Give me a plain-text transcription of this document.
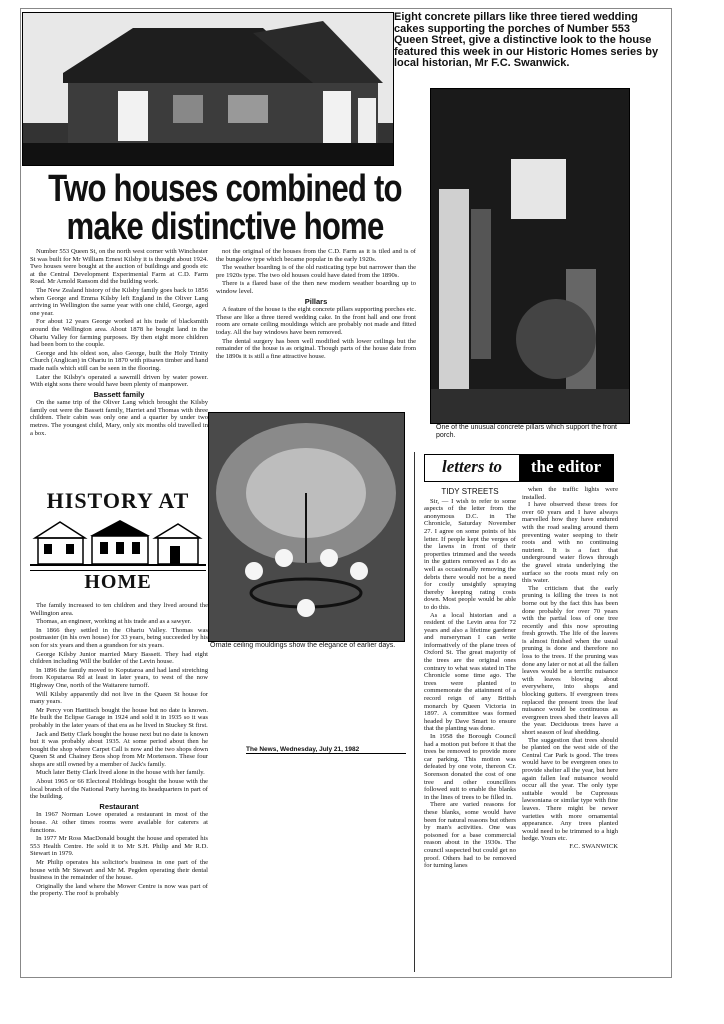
Eight concrete pillars like three tiered wedding cakes supporting the porches of Number 553 Queen Street, give a distinctive look to the house featured this week in our Historic Homes series by local historian, Mr F.C. Swanwick.
One of the unusual concrete pillars which support the front porch.
Two houses combined to
make distinctive home

Number 553 Queen St, on the north west corner with Winchester St was built for Mr William Ernest Kilsby it is thought about 1924. Two houses were bought at the auction of buildings and goods etc at the Central Development Experimental Farm at C.D. Farm Road. Mr Arnold Ransom did the building work.

The New Zealand history of the Kilsby family goes back to 1856 when George and Emma Kilsby left England in the Oliver Lang arriving in Wellington the same year with one child, George, aged one year.

For about 12 years George worked at his trade of blacksmith around the Wellington area. About 1878 he bought land in the Ohariu Valley for farming purposes. By then eight more children had been born to the couple.

George and his oldest son, also George, built the Holy Trinity Church (Anglican) in Ohariu in 1870 with pitsawn timber and hand made nails which still can be seen in the flooring.

Later the Kilsby's operated a sawmill driven by water power. With eight sons there would have been plenty of manpower.

Bassett family

On the same trip of the Oliver Lang which brought the Kilsby family out were the Bassett family, Harriet and Thomas with three children. Their cabin was only one and a quarter by under two metres. The youngest child, Mary, only six months old travelled in a box.

not the original of the houses from the C.D. Farm as it is tiled and is of the bungalow type which became popular in the early 1920s.

The weather boarding is of the old rusticating type but narrower than the pre 1920s type. The two old houses could have dated from the 1890s.

There is a flared base of the then new modern weather boarding up to window level.

Pillars

A feature of the house is the eight concrete pillars supporting porches etc. These are like a three tiered wedding cake. In the front hall and one front room are ornate ceiling mouldings which are probably not made and fitted today. All the bay windows have been removed.

The dental surgery has been well modified with lower ceilings but the remainder of the house is as original. Though parts of the house date from the 1890s it is still a fine attractive house.

HISTORY AT
HOME

The family increased to ten children and they lived around the Wellington area.

Thomas, an engineer, working at his trade and as a sawyer.

In 1866 they settled in the Ohariu Valley. Thomas was postmaster (in his own house) for 33 years, being succeeded by his son for six years and then a grandson for six years.

George Kilsby Junior married Mary Bassett. They had eight children including Will the builder of the Levin house.

In 1896 the family moved to Koputaroa and had land stretching from Koputaroa Rd at least in later years, to west of the now Highway One, north of the Waitarere turnoff.

Will Kilsby apparently did not live in the Queen St house for many years.

Mr Percy von Hartitsch bought the house but no date is known. He built the Eclipse Garage in 1924 and sold it in 1935 so it was probably in the later years of that era as he lived in Stuckey St first.

Jack and Betty Clark bought the house next but no date is known but it was probably about 1935. At some period about then he bought the shop where Carpet Call is now and the two shops down Queen St and Chainey Bros shop from Mr Mortenson. These four shops are still owned by a member of Jack's family.

Much later Betty Clark lived alone in the house with her family.

About 1965 or 66 Electoral Holdings bought the house with the local branch of the National Party having its headquarters in part of the building.

Restaurant

In 1967 Norman Lowe operated a restaurant in most of the house. At other times rooms were available for caterers at functions.

In 1977 Mr Ross MacDonald bought the house and operated his 553 Health Centre. He sold it to Mr S.H. Philip and Mr R.D. Stewart in 1979.

Mr Philip operates his solicitor's business in one part of the house with Mr Stewart and Mr M. Pegden operating their dental business in the remainder of the house.

Originally the land where the Mower Centre is now was part of the property. The roof is probably

Ornate ceiling mouldings show the elegance of earlier days.
The News, Wednesday, July 21, 1982
letters to	the editor
TIDY STREETS

Sir, — I wish to refer to some aspects of the letter from the anonymous D.C. in The Chronicle, Saturday November 27. I agree on some points of his letter. If people kept the verges of the lawns in front of their properties trimmed and the weeds in the gutters removed as I do as well as occasionally removing the debris there would not be a need for costly unsightly spraying thereby keeping rating costs down. Most people would be able to do this.

As a local historian and a resident of the Levin area for 72 years and also a lifetime gardener and nurseryman I can write informatively of the plane trees of Oxford St. The great majority of the trees are the original ones contrary to what was stated in The Chronicle some time ago. The trees were planted to commemorate the attainment of a record reign of any British monarch by Queen Victoria in 1897. A committee was formed headed by Dave Smart to ensure that the planting was done.

In 1958 the Borough Council had a motion put before it that the trees be removed to provide more car parking. This motion was defeated by one vote, thereon Cr. Sorenson donated the cost of one tree and other councillors followed suit to enable the blanks in the lines of trees to be filled in.

There are varied reasons for these blanks, some would have been for natural reasons but others by man's activities. One was poisoned for a base commercial reason about in the 1930s. The council suspected but could get no proof. Others had to be removed for turning lanes

when the traffic lights were installed.

I have observed these trees for over 60 years and I have always marvelled how they have endured with the road sealing around them preventing water seeping to their roots and with no continuing nutrient. It is a fact that underground water flows through the gravel strata underlying the surface so the roots must rely on this water.

The criticism that the early pruning is killing the trees is not borne out by the fact this has been done probably for over 70 years with the partial loss of one tree recently and this now sprouting fresh growth. The life of the leaves is almost finished when the usual pruning is done and therefore no loss to the trees. If the pruning was done any later or not at all the fallen leaves would be a terrific nuisance with leaves blowing about everywhere, into shops and blocking gutters. If evergreen trees replaced the present trees the leaf nuisance would be continuous as evergreen trees shed their leaves all the year. Deciduous trees have a short season of leaf shedding.

The suggestion that trees should be planted on the west side of the Central Car Park is good. The trees would have to be evergreen ones to provide shelter all the year, but here again fallen leaf nuisance would occur all the year. The only type suitable would be Cupressus lawsoniana or similar type with fine leaves. There might be newer varieties with more ornamental appearance. Any trees planted would need to be trimmed to a high hedge. Yours etc.

F.C. SWANWICK
